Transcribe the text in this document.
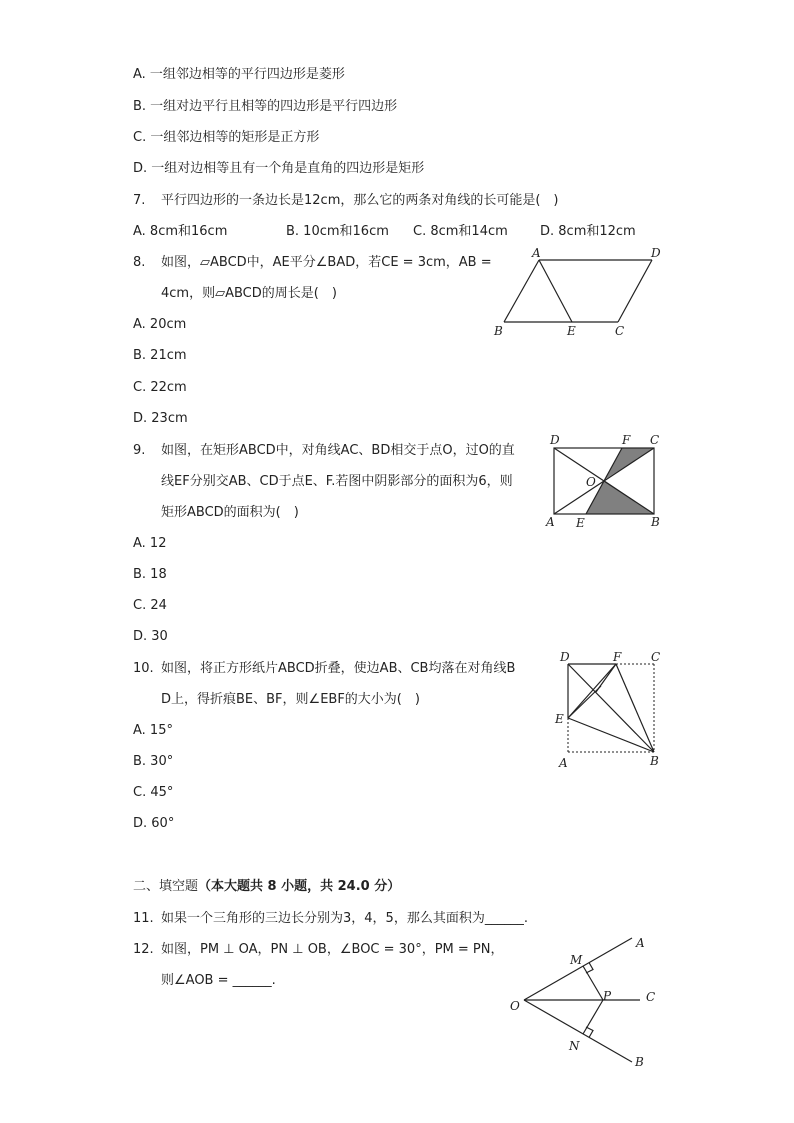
A. 一组邻边相等的平行四边形是菱形
B. 一组对边平行且相等的四边形是平行四边形
C. 一组邻边相等的矩形是正方形
D. 一组对边相等且有一个角是直角的四边形是矩形
7. 平行四边形的一条边长是12cm，那么它的两条对角线的长可能是(　)
A. 8cm和16cm	B. 10cm和16cm C. 8cm和14cm D. 8cm和12cm
8. 如图，▱ABCD中，AE平分∠BAD，若CE = 3cm，AB =
4cm，则▱ABCD的周长是(　)
A. 20cm
B. 21cm
C. 22cm
D. 23cm
A	D
B	E	C
9. 如图，在矩形ABCD中，对角线AC、BD相交于点O，过O的直
线EF分别交AB、CD于点E、F.若图中阴影部分的面积为6，则
矩形ABCD的面积为(　)
A. 12
B. 18
C. 24
D. 30
D	F C
O
A E	B
10. 如图，将正方形纸片ABCD折叠，使边AB、CB均落在对角线B
D上，得折痕BE、BF，则∠EBF的大小为(　)
A. 15°
B. 30°
C. 45°
D. 60°
D	F C
E
A	B
二、填空题（本大题共 8 小题，共 24.0 分）
11. 如果一个三角形的三边长分别为3，4，5，那么其面积为______.
12. 如图，PM ⊥ OA，PN ⊥ OB，∠BOC = 30°，PM = PN，
则∠AOB = ______.
O
M
A
P	C
N
B
